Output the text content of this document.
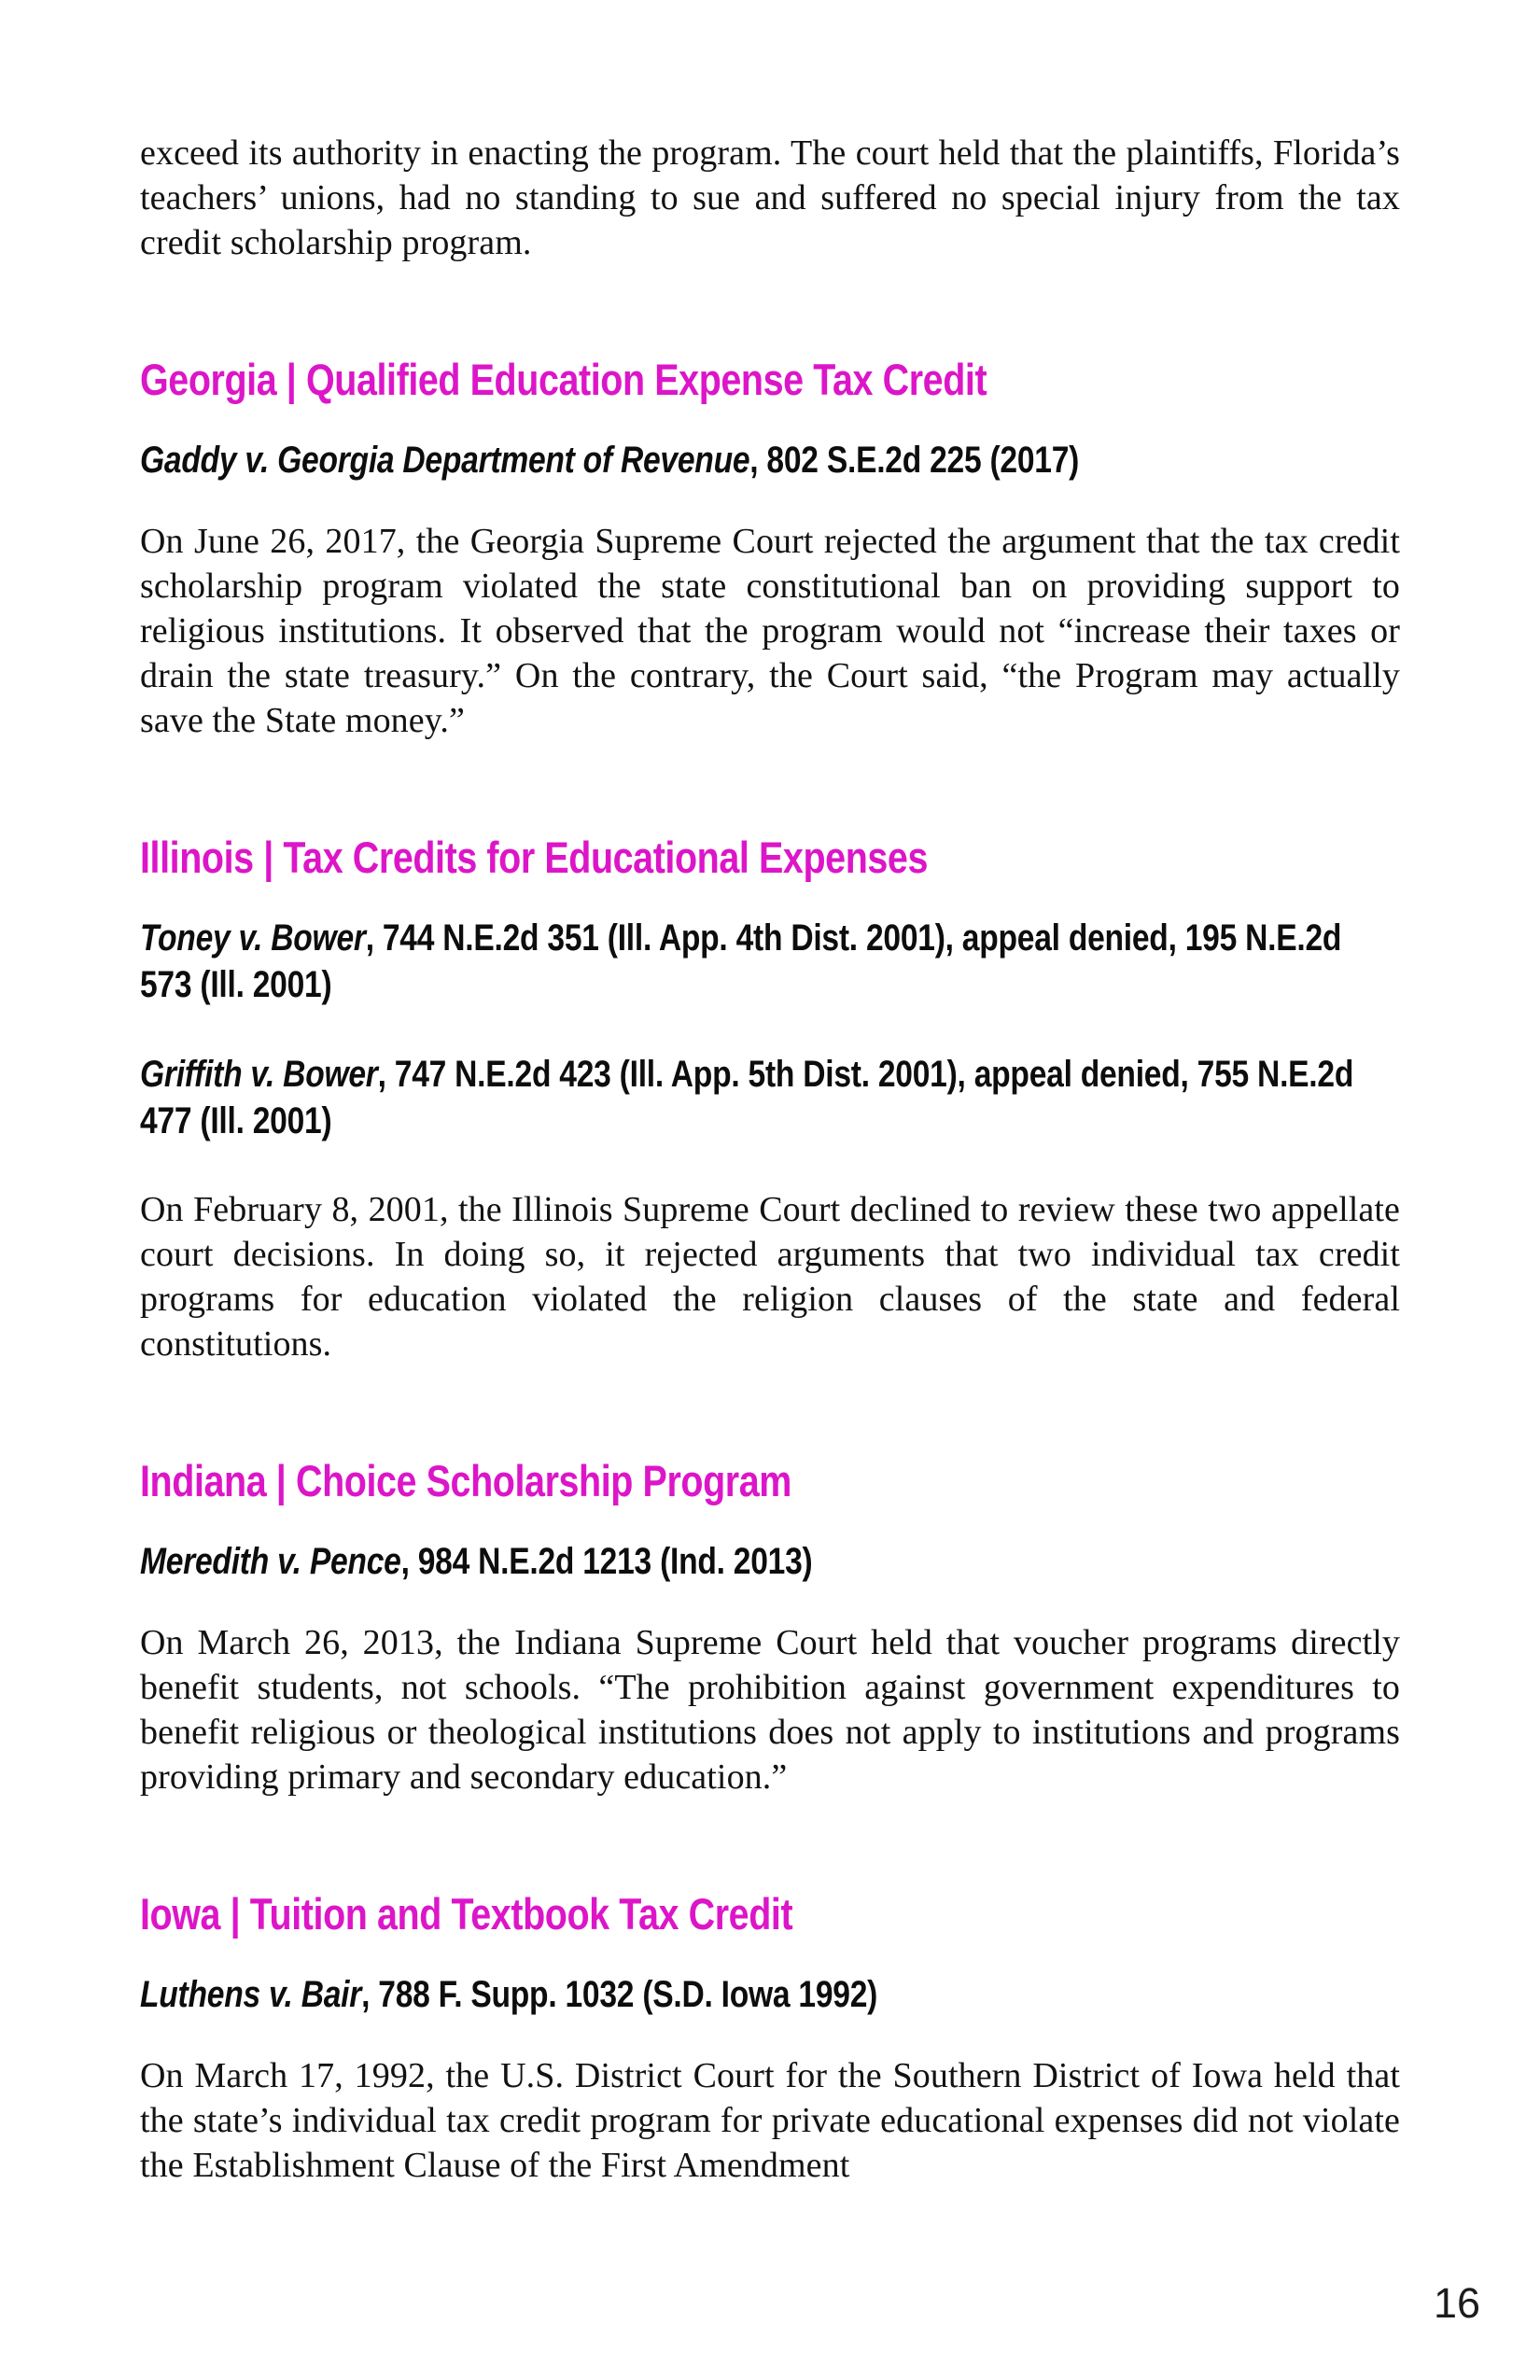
exceed its authority in enacting the program. The court held that the plaintiffs, Florida’s teachers’ unions, had no standing to sue and suffered no special injury from the tax credit scholarship program.

Georgia | Qualified Education Expense Tax Credit

Gaddy v. Georgia Department of Revenue, 802 S.E.2d 225 (2017)

On June 26, 2017, the Georgia Supreme Court rejected the argument that the tax credit scholarship program violated the state constitutional ban on providing support to religious institutions. It observed that the program would not “increase their taxes or drain the state treasury.” On the contrary, the Court said, “the Program may actually save the State money.”

Illinois | Tax Credits for Educational Expenses

Toney v. Bower, 744 N.E.2d 351 (Ill. App. 4th Dist. 2001), appeal denied, 195 N.E.2d 573 (Ill. 2001)

Griffith v. Bower, 747 N.E.2d 423 (Ill. App. 5th Dist. 2001), appeal denied, 755 N.E.2d 477 (Ill. 2001)

On February 8, 2001, the Illinois Supreme Court declined to review these two appellate court decisions. In doing so, it rejected arguments that two individual tax credit programs for education violated the religion clauses of the state and federal constitutions.

Indiana | Choice Scholarship Program

Meredith v. Pence, 984 N.E.2d 1213 (Ind. 2013)

On March 26, 2013, the Indiana Supreme Court held that voucher programs directly benefit students, not schools. “The prohibition against government expenditures to benefit religious or theological institutions does not apply to institutions and programs providing primary and secondary education.”

Iowa | Tuition and Textbook Tax Credit

Luthens v. Bair, 788 F. Supp. 1032 (S.D. Iowa 1992)

On March 17, 1992, the U.S. District Court for the Southern District of Iowa held that the state’s individual tax credit program for private educational expenses did not violate the Establishment Clause of the First Amendment

16
